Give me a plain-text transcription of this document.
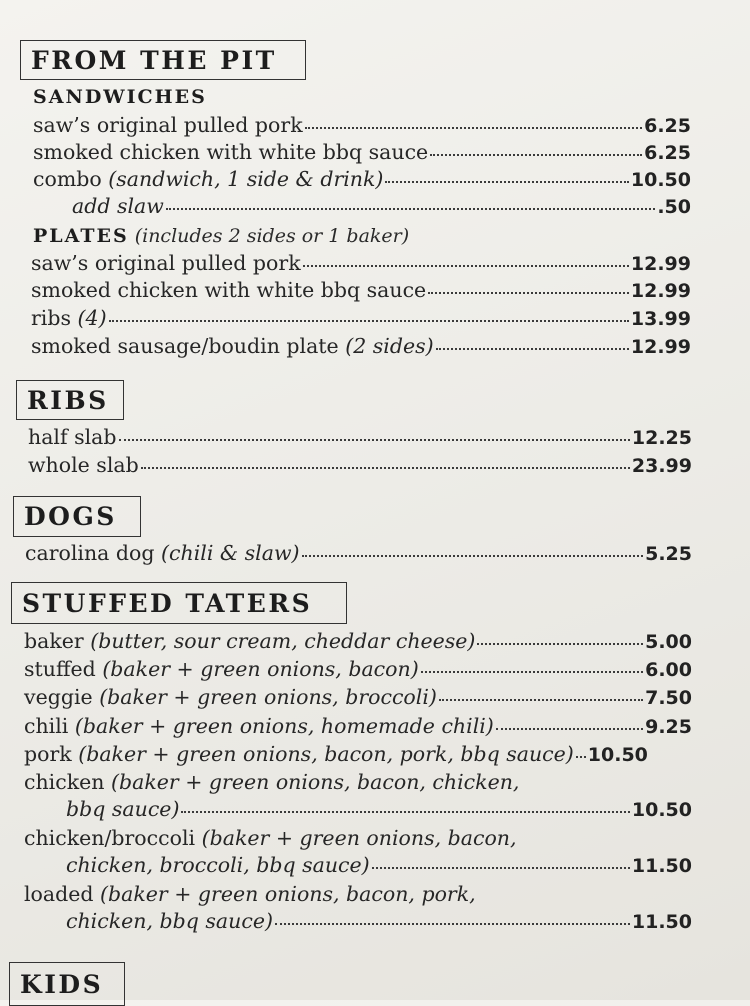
FROM THE PIT
SANDWICHES
saw’s original pulled pork	6.25
smoked chicken with white bbq sauce	6.25
combo (sandwich, 1 side & drink)	10.50
add slaw	.50
PLATES (includes 2 sides or 1 baker)
saw’s original pulled pork	12.99
smoked chicken with white bbq sauce	12.99
ribs (4)	13.99
smoked sausage/boudin plate (2 sides)	12.99
RIBS
half slab	12.25
whole slab	23.99
DOGS
carolina dog (chili & slaw)	5.25
STUFFED TATERS
baker (butter, sour cream, cheddar cheese)	5.00
stuffed (baker + green onions, bacon)	6.00
veggie (baker + green onions, broccoli)	7.50
chili (baker + green onions, homemade chili)	9.25
pork (baker + green onions, bacon, pork, bbq sauce) 10.50
chicken (baker + green onions, bacon, chicken,
bbq sauce)	10.50
chicken/broccoli (baker + green onions, bacon,
chicken, broccoli, bbq sauce)	11.50
loaded (baker + green onions, bacon, pork,
chicken, bbq sauce)	11.50
KIDS
